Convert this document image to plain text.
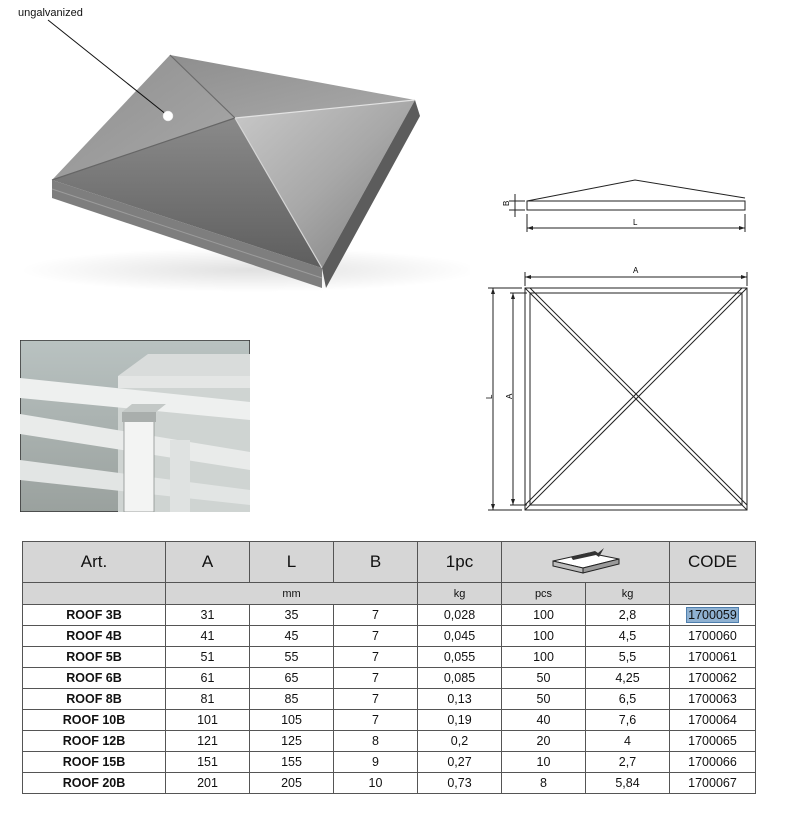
ungalvanized
B
L
A
L A
Art.	A	L	B	1pc			CODE
	mm			kg	pcs	kg	
ROOF 3B	31	35	7	0,028	100	2,8	1700059
ROOF 4B	41	45	7	0,045	100	4,5	1700060
ROOF 5B	51	55	7	0,055	100	5,5	1700061
ROOF 6B	61	65	7	0,085	50	4,25	1700062
ROOF 8B	81	85	7	0,13	50	6,5	1700063
ROOF 10B	101	105	7	0,19	40	7,6	1700064
ROOF 12B	121	125	8	0,2	20	4	1700065
ROOF 15B	151	155	9	0,27	10	2,7	1700066
ROOF 20B	201	205	10	0,73	8	5,84	1700067
